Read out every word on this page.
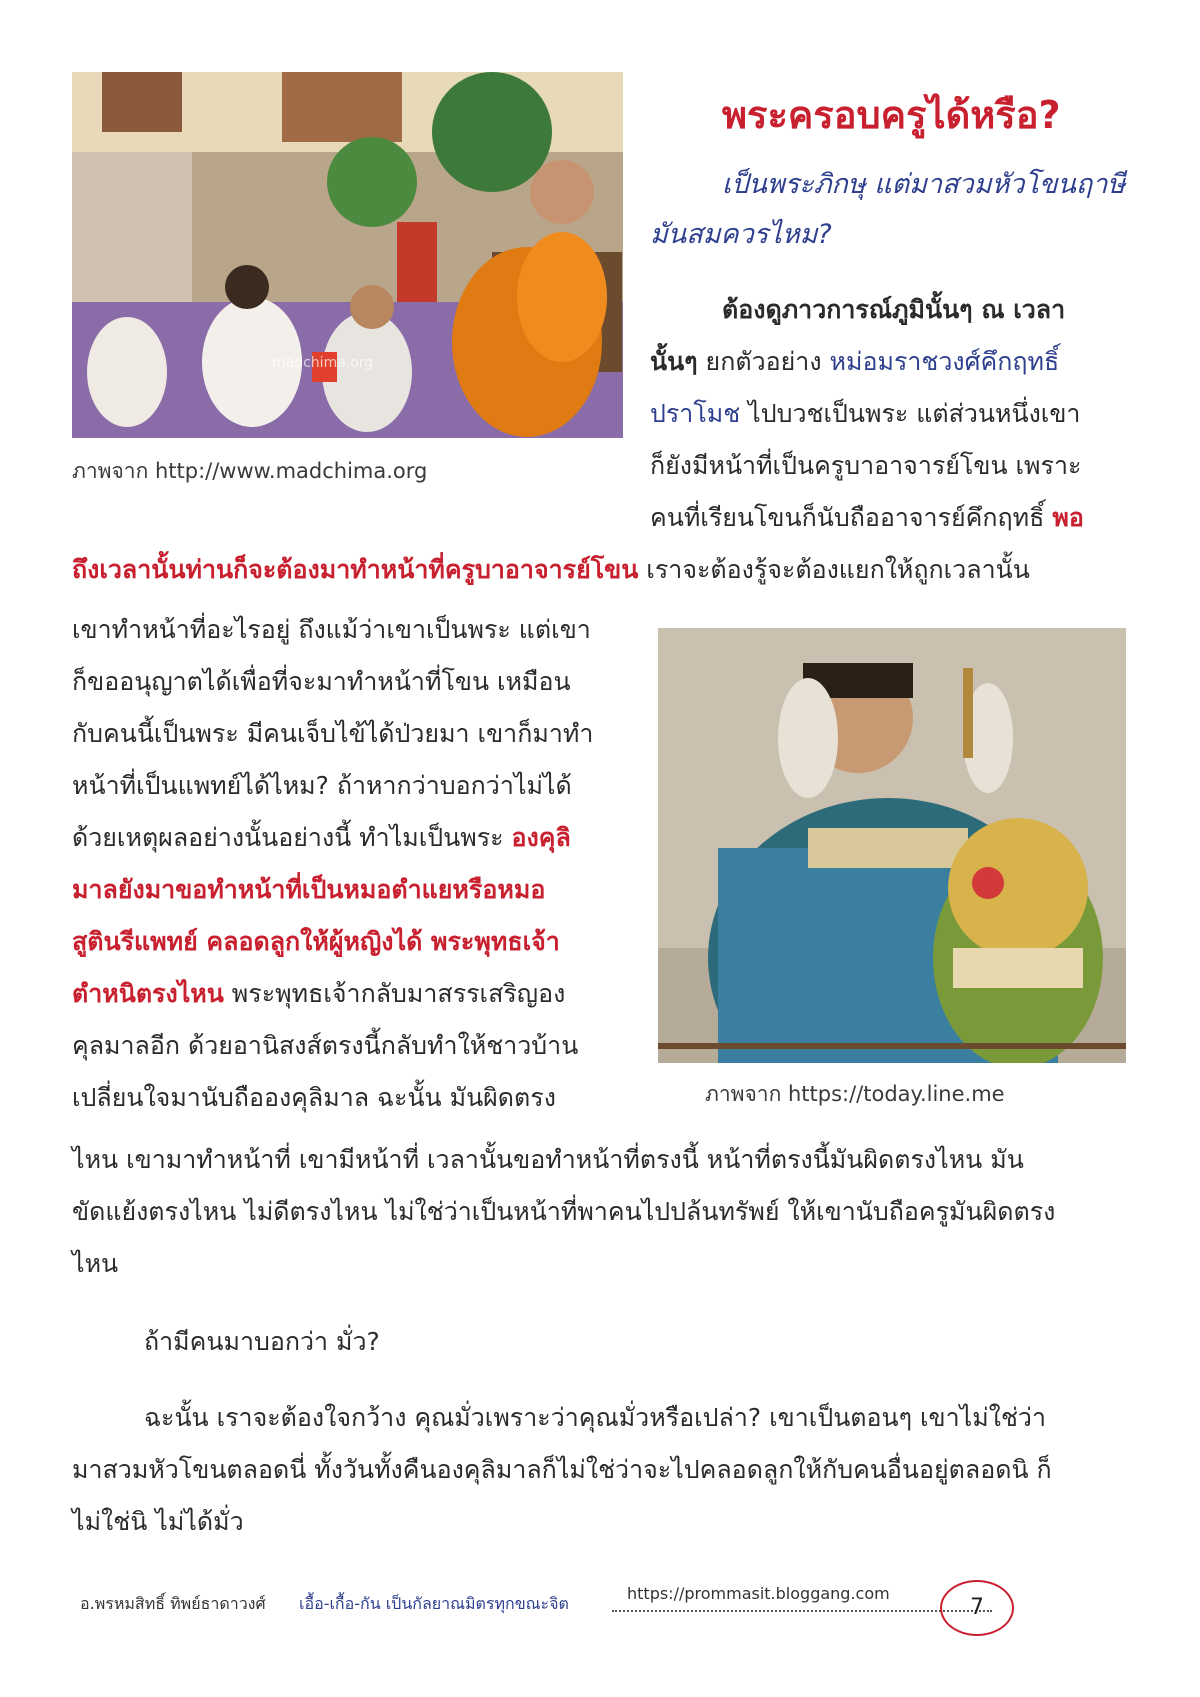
madchima.org
ภาพจาก http://www.madchima.org
พระครอบครูได้หรือ?
เป็นพระภิกษุ แต่มาสวมหัวโขนฤาษี
มันสมควรไหม?
ต้องดูภาวการณ์ภูมินั้นๆ ณ เวลา
นั้นๆ ยกตัวอย่าง หม่อมราชวงศ์คึกฤทธิ์
ปราโมช ไปบวชเป็นพระ แต่ส่วนหนึ่งเขา
ก็ยังมีหน้าที่เป็นครูบาอาจารย์โขน เพราะ
คนที่เรียนโขนก็นับถืออาจารย์คึกฤทธิ์ พอ
ถึงเวลานั้นท่านก็จะต้องมาทำหน้าที่ครูบาอาจารย์โขน เราจะต้องรู้จะต้องแยกให้ถูกเวลานั้น
ภาพจาก https://today.line.me
เขาทำหน้าที่อะไรอยู่ ถึงแม้ว่าเขาเป็นพระ แต่เขา
ก็ขออนุญาตได้เพื่อที่จะมาทำหน้าที่โขน เหมือน
กับคนนี้เป็นพระ มีคนเจ็บไข้ได้ป่วยมา เขาก็มาทำ
หน้าที่เป็นแพทย์ได้ไหม? ถ้าหากว่าบอกว่าไม่ได้
ด้วยเหตุผลอย่างนั้นอย่างนี้ ทำไมเป็นพระ องคุลิ
มาลยังมาขอทำหน้าที่เป็นหมอตำแยหรือหมอ
สูตินรีแพทย์ คลอดลูกให้ผู้หญิงได้ พระพุทธเจ้า
ตำหนิตรงไหน พระพุทธเจ้ากลับมาสรรเสริญอง
คุลมาลอีก ด้วยอานิสงส์ตรงนี้กลับทำให้ชาวบ้าน
เปลี่ยนใจมานับถือองคุลิมาล ฉะนั้น มันผิดตรง
ไหน เขามาทำหน้าที่ เขามีหน้าที่ เวลานั้นขอทำหน้าที่ตรงนี้ หน้าที่ตรงนี้มันผิดตรงไหน มัน
ขัดแย้งตรงไหน ไม่ดีตรงไหน ไม่ใช่ว่าเป็นหน้าที่พาคนไปปล้นทรัพย์ ให้เขานับถือครูมันผิดตรง
ไหน
ถ้ามีคนมาบอกว่า มั่ว?
ฉะนั้น เราจะต้องใจกว้าง คุณมั่วเพราะว่าคุณมั่วหรือเปล่า? เขาเป็นตอนๆ เขาไม่ใช่ว่า
มาสวมหัวโขนตลอดนี่ ทั้งวันทั้งคืนองคุลิมาลก็ไม่ใช่ว่าจะไปคลอดลูกให้กับคนอื่นอยู่ตลอดนิ ก็
ไม่ใช่นิ ไม่ได้มั่ว
อ.พรหมสิทธิ์ ทิพย์ธาดาวงศ์ เอื้อ-เกื้อ-กัน เป็นกัลยาณมิตรทุกขณะจิต
https://prommasit.bloggang.com
7
